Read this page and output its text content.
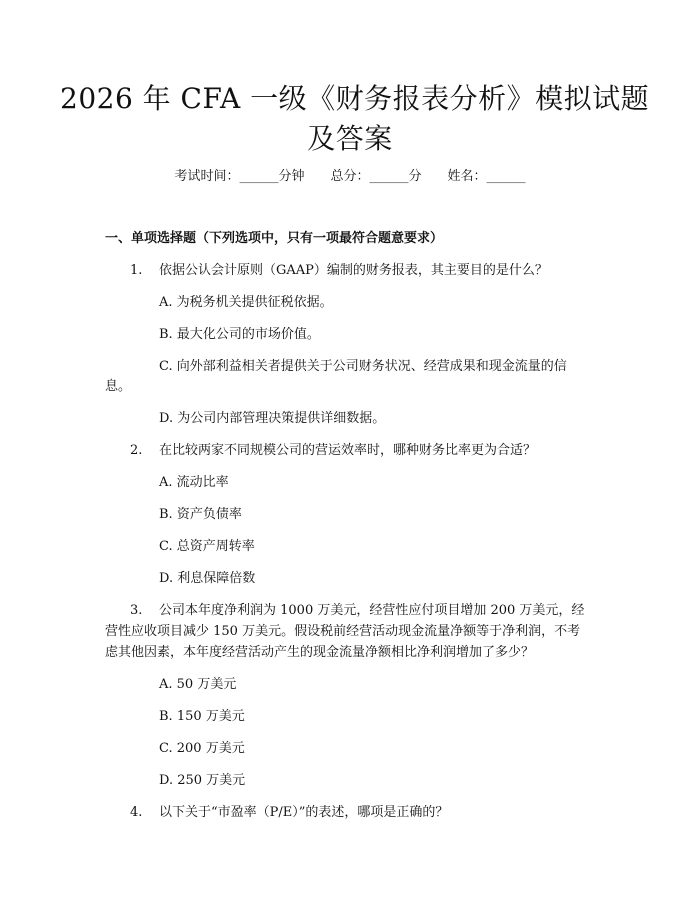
2026 年 CFA 一级《财务报表分析》模拟试题
及答案
考试时间：______分钟 总分：______分 姓名：______
一、单项选择题（下列选项中，只有一项最符合题意要求）
1. 依据公认会计原则（GAAP）编制的财务报表，其主要目的是什么？
A. 为税务机关提供征税依据。
B. 最大化公司的市场价值。
C. 向外部利益相关者提供关于公司财务状况、经营成果和现金流量的信
息。
D. 为公司内部管理决策提供详细数据。
2. 在比较两家不同规模公司的营运效率时，哪种财务比率更为合适？
A. 流动比率
B. 资产负债率
C. 总资产周转率
D. 利息保障倍数
3. 公司本年度净利润为 1000 万美元，经营性应付项目增加 200 万美元，经
营性应收项目减少 150 万美元。假设税前经营活动现金流量净额等于净利润，不考
虑其他因素，本年度经营活动产生的现金流量净额相比净利润增加了多少？
A. 50 万美元
B. 150 万美元
C. 200 万美元
D. 250 万美元
4. 以下关于“市盈率（P/E）”的表述，哪项是正确的？
